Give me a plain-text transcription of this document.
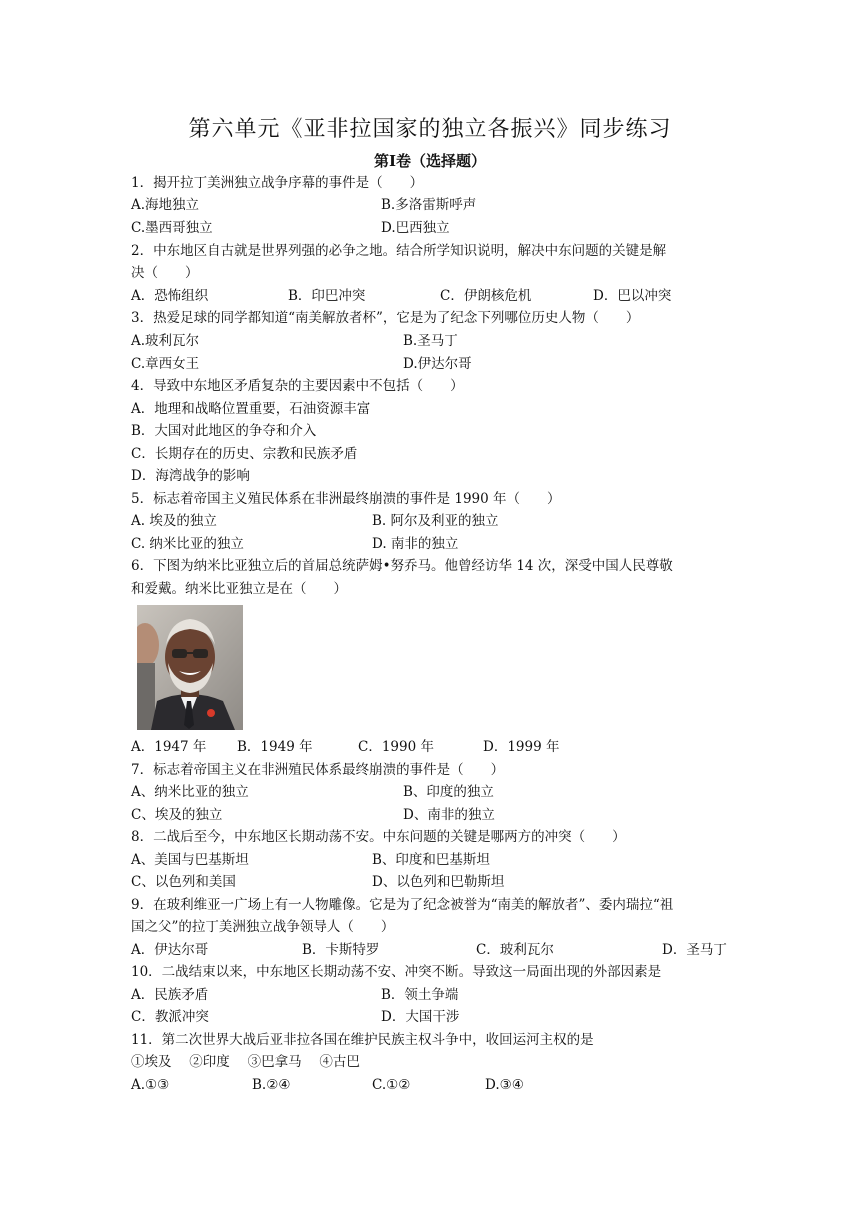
第六单元《亚非拉国家的独立各振兴》同步练习
第Ⅰ卷（选择题）
1．揭开拉丁美洲独立战争序幕的事件是（　　）
A.海地独立	B.多洛雷斯呼声
C.墨西哥独立	D.巴西独立
2．中东地区自古就是世界列强的必争之地。结合所学知识说明，解决中东问题的关键是解
决（　　）
A．恐怖组织	B．印巴冲突	C．伊朗核危机	D．巴以冲突
3．热爱足球的同学都知道“南美解放者杯”，它是为了纪念下列哪位历史人物（　　）
A.玻利瓦尔	B.圣马丁
C.章西女王	D.伊达尔哥
4．导致中东地区矛盾复杂的主要因素中不包括（　　）
A．地理和战略位置重要，石油资源丰富
B．大国对此地区的争夺和介入
C．长期存在的历史、宗教和民族矛盾
D．海湾战争的影响
5．标志着帝国主义殖民体系在非洲最终崩溃的事件是 1990 年（　　）
A. 埃及的独立	B. 阿尔及利亚的独立
C. 纳米比亚的独立	D. 南非的独立
6．下图为纳米比亚独立后的首届总统萨姆•努乔马。他曾经访华 14 次，深受中国人民尊敬
和爱戴。纳米比亚独立是在（　　）
A．1947 年 B．1949 年	C．1990 年	D．1999 年
7．标志着帝国主义在非洲殖民体系最终崩溃的事件是（　　）
A、纳米比亚的独立	B、印度的独立
C、埃及的独立	D、南非的独立
8．二战后至今，中东地区长期动荡不安。中东问题的关键是哪两方的冲突（　　）
A、美国与巴基斯坦	B、印度和巴基斯坦
C、以色列和美国	D、以色列和巴勒斯坦
9．在玻利维亚一广场上有一人物雕像。它是为了纪念被誉为“南美的解放者”、委内瑞拉“祖
国之父”的拉丁美洲独立战争领导人（　　）
A．伊达尔哥	B．卡斯特罗	C．玻利瓦尔	D．圣马丁
10．二战结束以来，中东地区长期动荡不安、冲突不断。导致这一局面出现的外部因素是
A．民族矛盾	B．领土争端
C．教派冲突	D．大国干涉
11．第二次世界大战后亚非拉各国在维护民族主权斗争中，收回运河主权的是
①埃及　 ②印度　 ③巴拿马　 ④古巴
A.①③	B.②④	C.①②	D.③④
